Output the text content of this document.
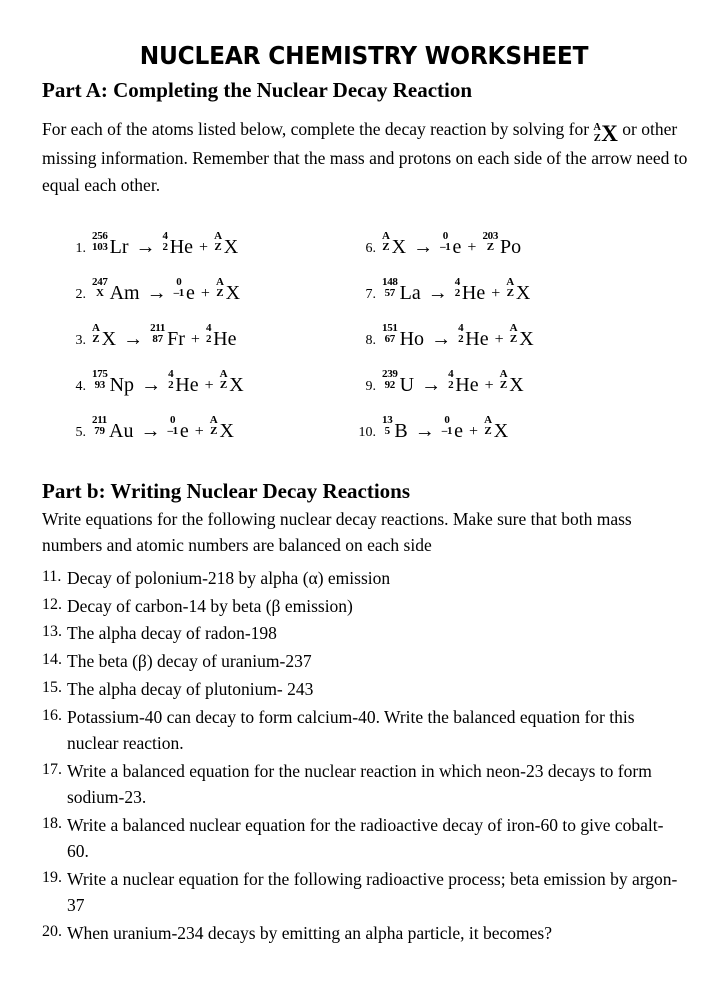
NUCLEAR CHEMISTRY WORKSHEET
Part A: Completing the Nuclear Decay Reaction

For each of the atoms listed below, complete the decay reaction by solving for A
ZX or other missing information. Remember that the mass and protons on each side of the arrow need to equal each other.

1.
256
103 Lr → 4
2 He +
A
Z X
2.
247
X Am → 0
–1 e +
A
Z X
3.
A
Z X → 211
87 Fr +
4
2 He
4.
175
93 Np → 4
2 He +
A
Z X
5.
211
79 Au → 0
–1 e +
A
Z X
6.
A
Z X → 0
–1 e +
203
Z Po
7.
148
57 La → 4
2 He +
A
Z X
8.
151
67 Ho → 4
2 He +
A
Z X
9.
239
92 U → 4
2 He +
A
Z X
10.
13
5 B → 0
–1 e +
A
Z X
Part b: Writing Nuclear Decay Reactions

Write equations for the following nuclear decay reactions. Make sure that both mass numbers and atomic numbers are balanced on each side

11. Decay of polonium-218 by alpha (α) emission
12. Decay of carbon-14 by beta (β emission)
13. The alpha decay of radon-198
14. The beta (β) decay of uranium-237
15. The alpha decay of plutonium- 243
16. Potassium-40 can decay to form calcium-40. Write the balanced equation for this nuclear reaction.
17. Write a balanced equation for the nuclear reaction in which neon-23 decays to form sodium-23.
18. Write a balanced nuclear equation for the radioactive decay of iron-60 to give cobalt-60.
19. Write a nuclear equation for the following radioactive process; beta emission by argon-37
20. When uranium-234 decays by emitting an alpha particle, it becomes?
